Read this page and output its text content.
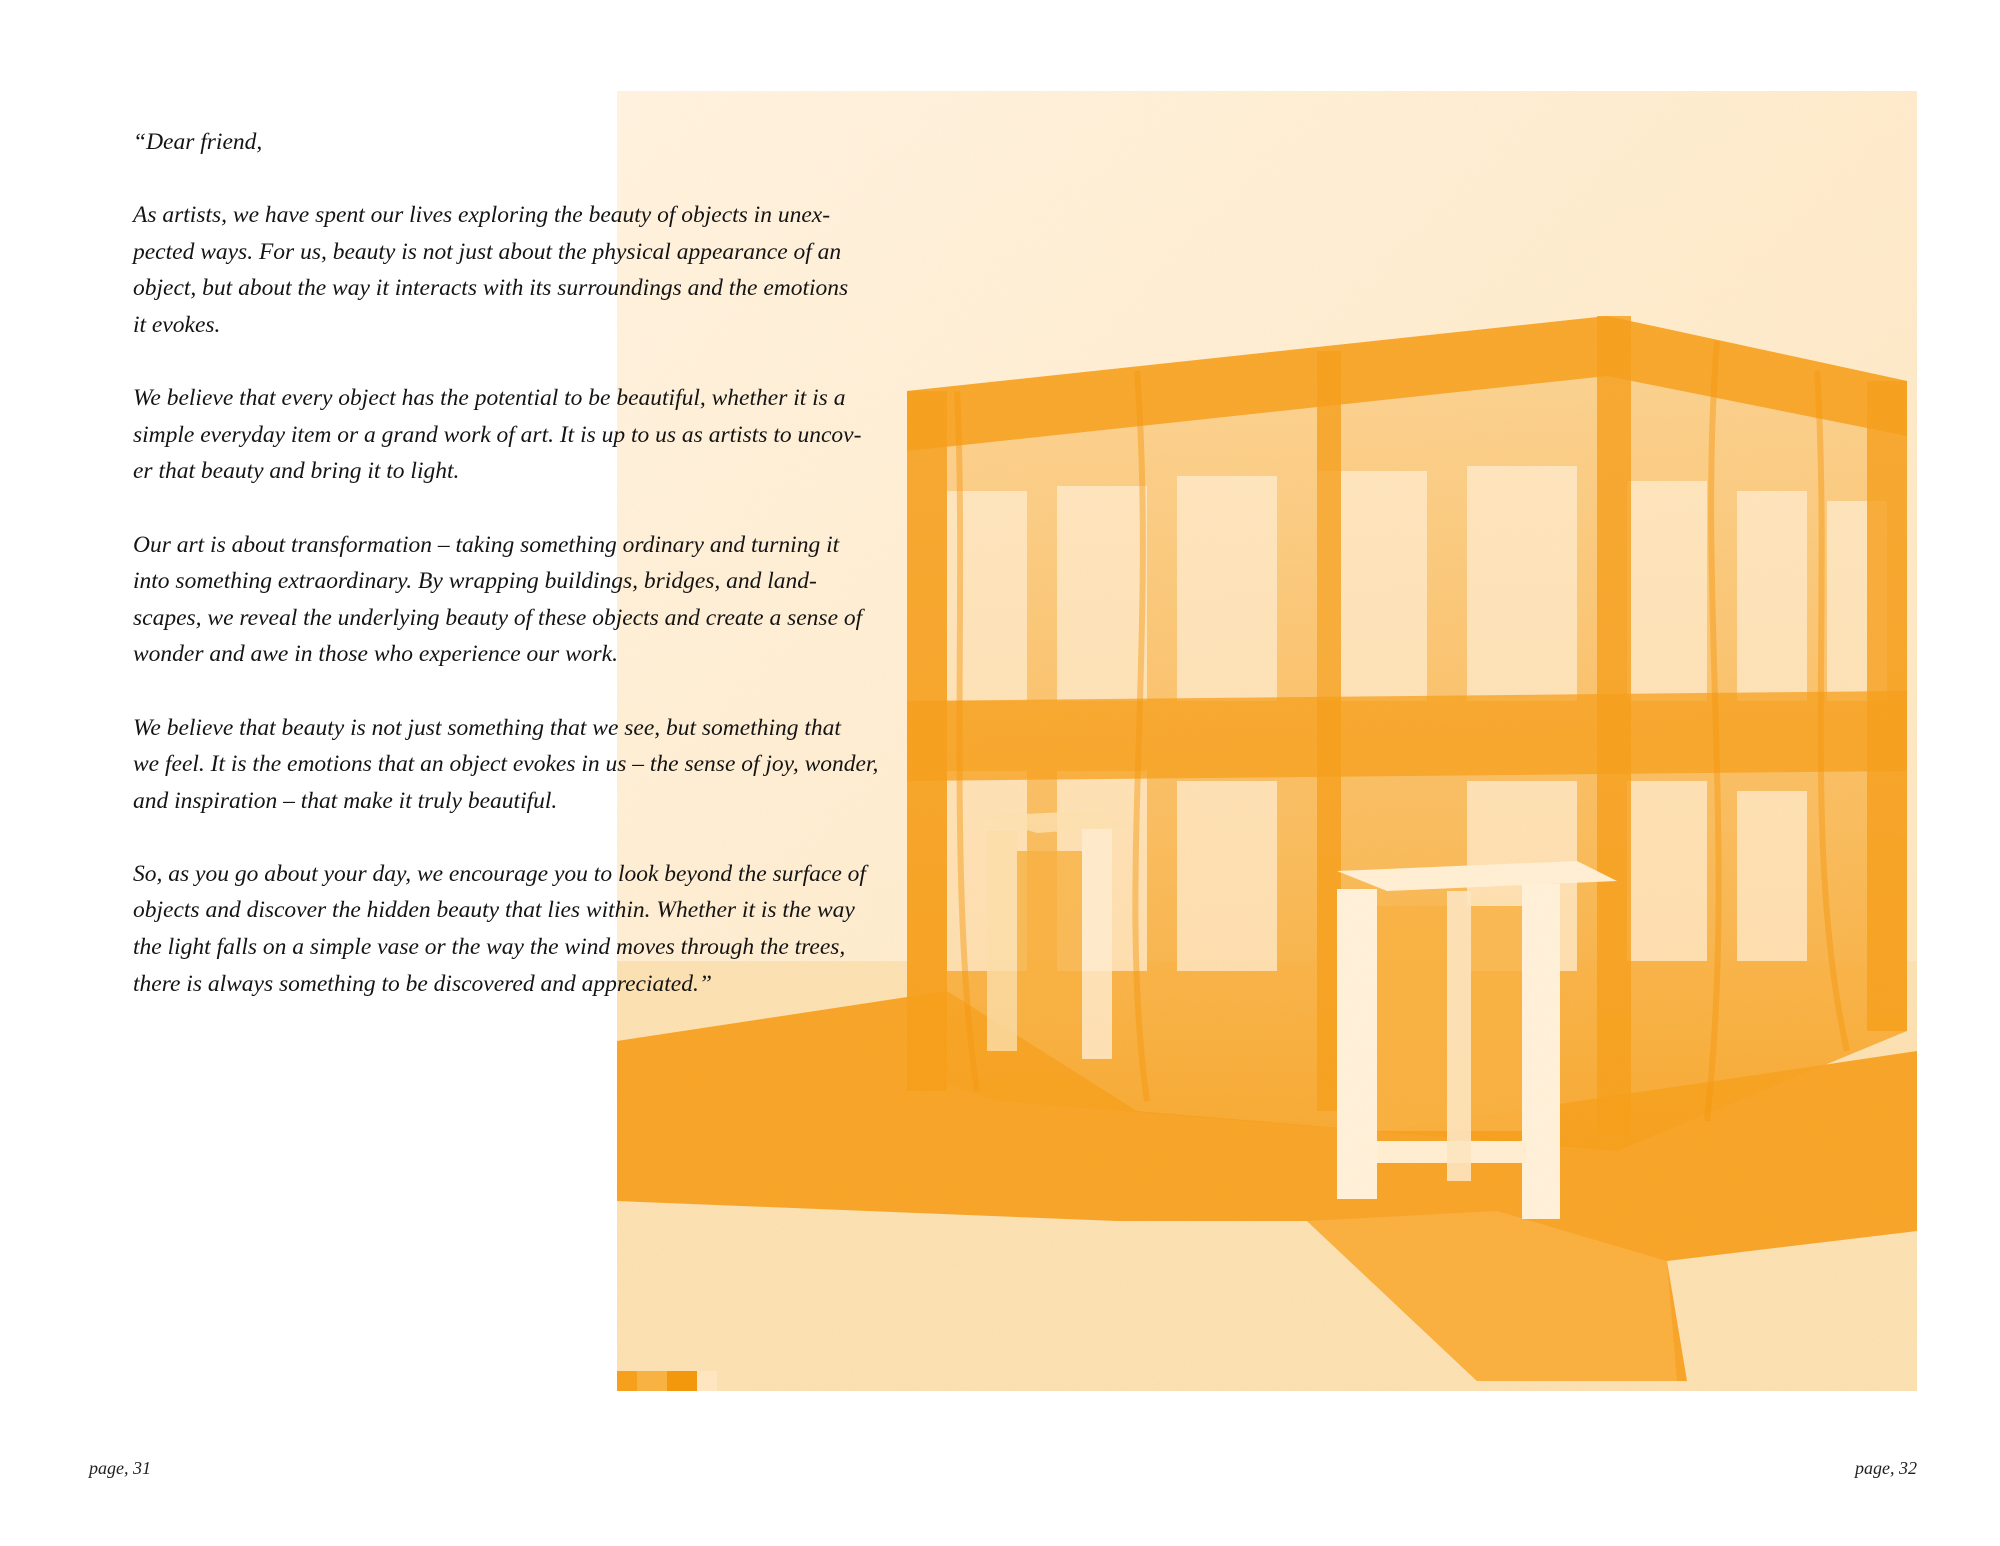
“Dear friend,

As artists, we have spent our lives exploring the beauty of objects in unex-
pected ways. For us, beauty is not just about the physical appearance of an
object, but about the way it interacts with its surroundings and the emotions
it evokes.

We believe that every object has the potential to be beautiful, whether it is a
simple everyday item or a grand work of art. It is up to us as artists to uncov-
er that beauty and bring it to light.

Our art is about transformation – taking something ordinary and turning it
into something extraordinary. By wrapping buildings, bridges, and land-
scapes, we reveal the underlying beauty of these objects and create a sense of
wonder and awe in those who experience our work.

We believe that beauty is not just something that we see, but something that
we feel. It is the emotions that an object evokes in us – the sense of joy, wonder,
and inspiration – that make it truly beautiful.

So, as you go about your day, we encourage you to look beyond the surface of
objects and discover the hidden beauty that lies within. Whether it is the way
the light falls on a simple vase or the way the wind moves through the trees,
there is always something to be discovered and appreciated.”

page, 31	page, 32
